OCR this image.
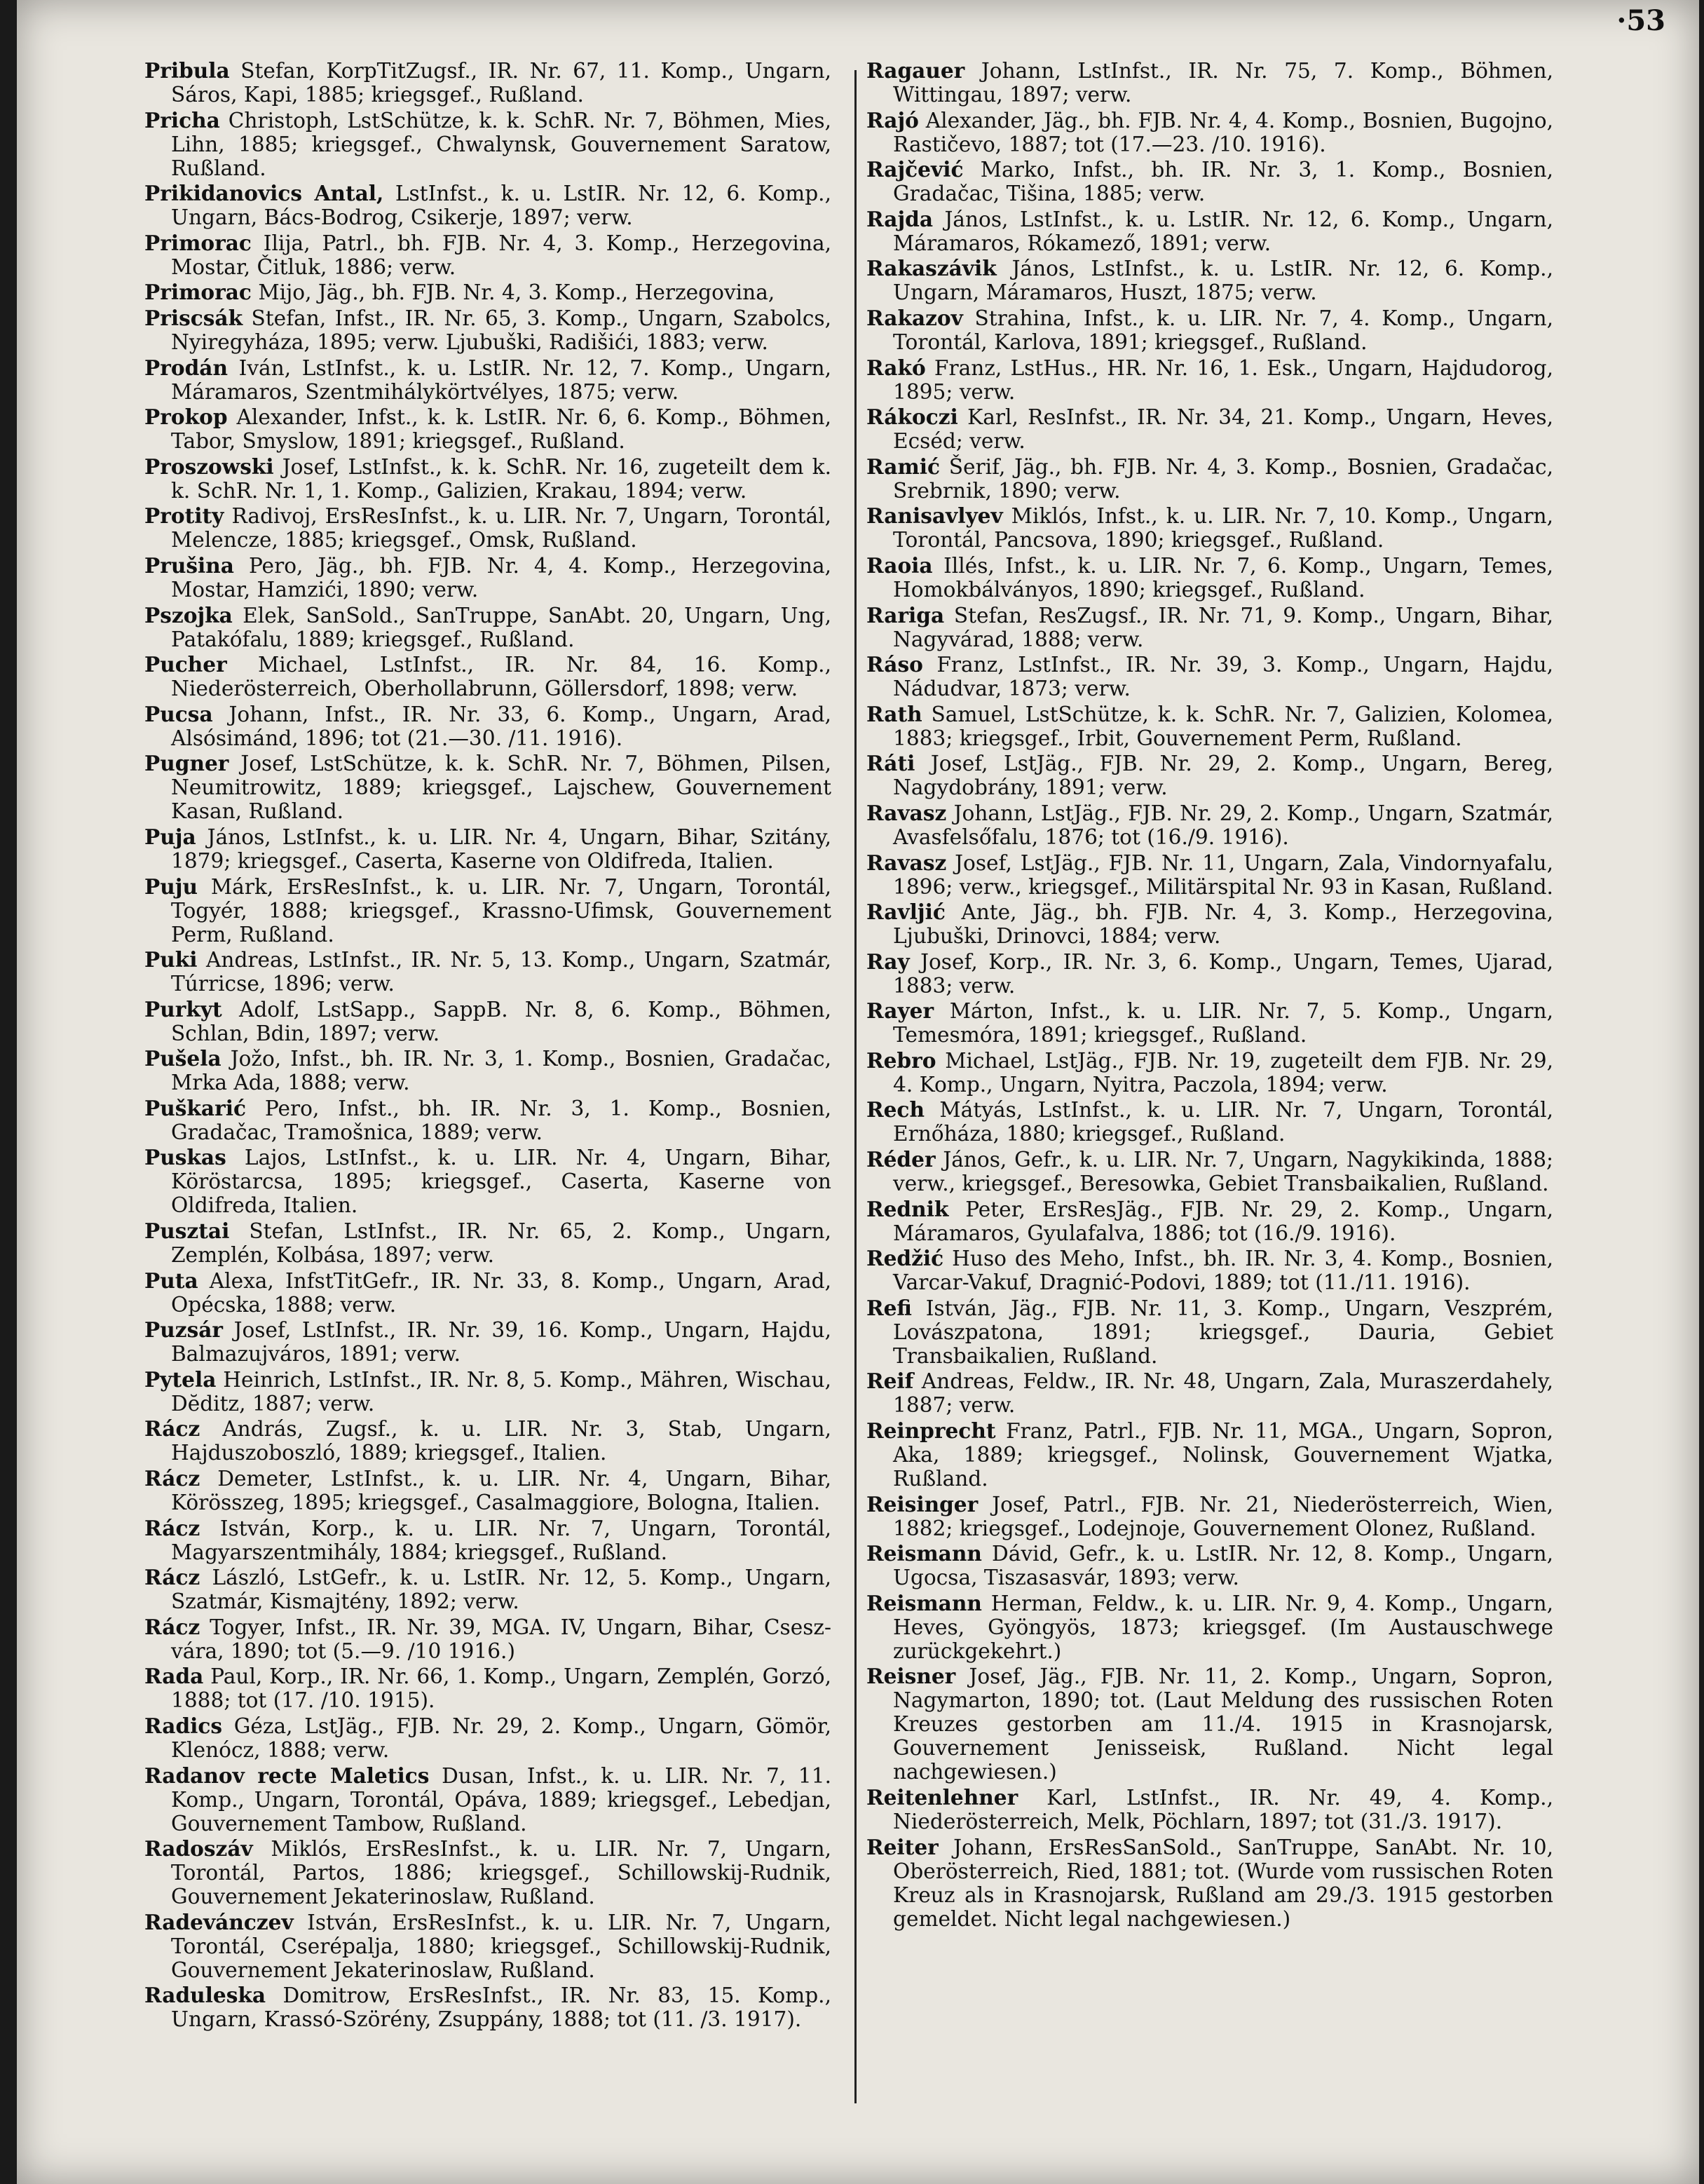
·53

Pribula Stefan, KorpTitZugsf., IR. Nr. 67, 11. Komp., Ungarn, Sáros, Kapi, 1885; kriegsgef., Rußland.

Pricha Christoph, LstSchütze, k. k. SchR. Nr. 7, Böhmen, Mies, Lihn, 1885; kriegsgef., Chwalynsk, Gouvernement Saratow, Rußland.

Prikidanovics Antal, LstInfst., k. u. LstIR. Nr. 12, 6. Komp., Ungarn, Bács-Bodrog, Csikerje, 1897; verw.

Primorac Ilija, Patrl., bh. FJB. Nr. 4, 3. Komp., Herzegovina, Mostar, Čitluk, 1886; verw.

Primorac Mijo, Jäg., bh. FJB. Nr. 4, 3. Komp., Herzegovina,

Priscsák Stefan, Infst., IR. Nr. 65, 3. Komp., Ungarn, Szabolcs, Nyiregyháza, 1895; verw. Ljubuški, Radišići, 1883; verw.

Prodán Iván, LstInfst., k. u. LstIR. Nr. 12, 7. Komp., Ungarn, Máramaros, Szentmihálykörtvélyes, 1875; verw.

Prokop Alexander, Infst., k. k. LstIR. Nr. 6, 6. Komp., Böhmen, Tabor, Smyslow, 1891; kriegsgef., Rußland.

Proszowski Josef, LstInfst., k. k. SchR. Nr. 16, zugeteilt dem k. k. SchR. Nr. 1, 1. Komp., Galizien, Krakau, 1894; verw.

Protity Radivoj, ErsResInfst., k. u. LIR. Nr. 7, Ungarn, Torontál, Melencze, 1885; kriegsgef., Omsk, Rußland.

Prušina Pero, Jäg., bh. FJB. Nr. 4, 4. Komp., Herzegovina, Mostar, Hamzići, 1890; verw.

Pszojka Elek, SanSold., SanTruppe, SanAbt. 20, Ungarn, Ung, Patakófalu, 1889; kriegsgef., Rußland.

Pucher Michael, LstInfst., IR. Nr. 84, 16. Komp., Niederösterreich, Oberhollabrunn, Göllersdorf, 1898; verw.

Pucsa Johann, Infst., IR. Nr. 33, 6. Komp., Ungarn, Arad, Alsósimánd, 1896; tot (21.—30. /11. 1916).

Pugner Josef, LstSchütze, k. k. SchR. Nr. 7, Böhmen, Pilsen, Neumitrowitz, 1889; kriegsgef., Lajschew, Gouvernement Kasan, Rußland.

Puja János, LstInfst., k. u. LIR. Nr. 4, Ungarn, Bihar, Szitány, 1879; kriegsgef., Caserta, Kaserne von Oldifreda, Italien.

Puju Márk, ErsResInfst., k. u. LIR. Nr. 7, Ungarn, Torontál, Togyér, 1888; kriegsgef., Krassno-Ufimsk, Gouvernement Perm, Rußland.

Puki Andreas, LstInfst., IR. Nr. 5, 13. Komp., Ungarn, Szatmár, Túrricse, 1896; verw.

Purkyt Adolf, LstSapp., SappB. Nr. 8, 6. Komp., Böhmen, Schlan, Bdin, 1897; verw.

Pušela Jožo, Infst., bh. IR. Nr. 3, 1. Komp., Bosnien, Gradačac, Mrka Ada, 1888; verw.

Puškarić Pero, Infst., bh. IR. Nr. 3, 1. Komp., Bosnien, Gradačac, Tramošnica, 1889; verw.

Puskas Lajos, LstInfst., k. u. LIR. Nr. 4, Ungarn, Bihar, Köröstarcsa, 1895; kriegsgef., Caserta, Kaserne von Oldifreda, Italien.

Pusztai Stefan, LstInfst., IR. Nr. 65, 2. Komp., Ungarn, Zemplén, Kolbása, 1897; verw.

Puta Alexa, InfstTitGefr., IR. Nr. 33, 8. Komp., Ungarn, Arad, Opécska, 1888; verw.

Puzsár Josef, LstInfst., IR. Nr. 39, 16. Komp., Ungarn, Hajdu, Balmazujváros, 1891; verw.

Pytela Heinrich, LstInfst., IR. Nr. 8, 5. Komp., Mähren, Wischau, Dĕditz, 1887; verw.

Rácz András, Zugsf., k. u. LIR. Nr. 3, Stab, Ungarn, Hajduszoboszló, 1889; kriegsgef., Italien.

Rácz Demeter, LstInfst., k. u. LIR. Nr. 4, Ungarn, Bihar, Körösszeg, 1895; kriegsgef., Casalmaggiore, Bologna, Italien.

Rácz István, Korp., k. u. LIR. Nr. 7, Ungarn, Torontál, Magyarszentmihály, 1884; kriegsgef., Rußland.

Rácz László, LstGefr., k. u. LstIR. Nr. 12, 5. Komp., Ungarn, Szatmár, Kismajtény, 1892; verw.

Rácz Togyer, Infst., IR. Nr. 39, MGA. IV, Ungarn, Bihar, Cseszvára, 1890; tot (5.—9. /10 1916.)

Rada Paul, Korp., IR. Nr. 66, 1. Komp., Ungarn, Zemplén, Gorzó, 1888; tot (17. /10. 1915).

Radics Géza, LstJäg., FJB. Nr. 29, 2. Komp., Ungarn, Gömör, Klenócz, 1888; verw.

Radanov recte Maletics Dusan, Infst., k. u. LIR. Nr. 7, 11. Komp., Ungarn, Torontál, Opáva, 1889; kriegsgef., Lebedjan, Gouvernement Tambow, Rußland.

Radoszáv Miklós, ErsResInfst., k. u. LIR. Nr. 7, Ungarn, Torontál, Partos, 1886; kriegsgef., Schillowskij-Rudnik, Gouvernement Jekaterinoslaw, Rußland.

Radevánczev István, ErsResInfst., k. u. LIR. Nr. 7, Ungarn, Torontál, Cserépalja, 1880; kriegsgef., Schillowskij-Rudnik, Gouvernement Jekaterinoslaw, Rußland.

Raduleska Domitrow, ErsResInfst., IR. Nr. 83, 15. Komp., Ungarn, Krassó-Szörény, Zsuppány, 1888; tot (11. /3. 1917).

Ragauer Johann, LstInfst., IR. Nr. 75, 7. Komp., Böhmen, Wittingau, 1897; verw.

Rajó Alexander, Jäg., bh. FJB. Nr. 4, 4. Komp., Bosnien, Bugojno, Rastičevo, 1887; tot (17.—23. /10. 1916).

Rajčević Marko, Infst., bh. IR. Nr. 3, 1. Komp., Bosnien, Gradačac, Tišina, 1885; verw.

Rajda János, LstInfst., k. u. LstIR. Nr. 12, 6. Komp., Ungarn, Máramaros, Rókamező, 1891; verw.

Rakaszávik János, LstInfst., k. u. LstIR. Nr. 12, 6. Komp., Ungarn, Máramaros, Huszt, 1875; verw.

Rakazov Strahina, Infst., k. u. LIR. Nr. 7, 4. Komp., Ungarn, Torontál, Karlova, 1891; kriegsgef., Rußland.

Rakó Franz, LstHus., HR. Nr. 16, 1. Esk., Ungarn, Hajdudorog, 1895; verw.

Rákoczi Karl, ResInfst., IR. Nr. 34, 21. Komp., Ungarn, Heves, Ecséd; verw.

Ramić Šerif, Jäg., bh. FJB. Nr. 4, 3. Komp., Bosnien, Gradačac, Srebrnik, 1890; verw.

Ranisavlyev Miklós, Infst., k. u. LIR. Nr. 7, 10. Komp., Ungarn, Torontál, Pancsova, 1890; kriegsgef., Rußland.

Raoia Illés, Infst., k. u. LIR. Nr. 7, 6. Komp., Ungarn, Temes, Homokbálványos, 1890; kriegsgef., Rußland.

Rariga Stefan, ResZugsf., IR. Nr. 71, 9. Komp., Ungarn, Bihar, Nagyvárad, 1888; verw.

Ráso Franz, LstInfst., IR. Nr. 39, 3. Komp., Ungarn, Hajdu, Nádudvar, 1873; verw.

Rath Samuel, LstSchütze, k. k. SchR. Nr. 7, Galizien, Kolomea, 1883; kriegsgef., Irbit, Gouvernement Perm, Rußland.

Ráti Josef, LstJäg., FJB. Nr. 29, 2. Komp., Ungarn, Bereg, Nagydobrány, 1891; verw.

Ravasz Johann, LstJäg., FJB. Nr. 29, 2. Komp., Ungarn, Szatmár, Avasfelsőfalu, 1876; tot (16./9. 1916).

Ravasz Josef, LstJäg., FJB. Nr. 11, Ungarn, Zala, Vindornyafalu, 1896; verw., kriegsgef., Militärspital Nr. 93 in Kasan, Rußland.

Ravljić Ante, Jäg., bh. FJB. Nr. 4, 3. Komp., Herzegovina, Ljubuški, Drinovci, 1884; verw.

Ray Josef, Korp., IR. Nr. 3, 6. Komp., Ungarn, Temes, Ujarad, 1883; verw.

Rayer Márton, Infst., k. u. LIR. Nr. 7, 5. Komp., Ungarn, Temesmóra, 1891; kriegsgef., Rußland.

Rebro Michael, LstJäg., FJB. Nr. 19, zugeteilt dem FJB. Nr. 29, 4. Komp., Ungarn, Nyitra, Paczola, 1894; verw.

Rech Mátyás, LstInfst., k. u. LIR. Nr. 7, Ungarn, Torontál, Ernőháza, 1880; kriegsgef., Rußland.

Réder János, Gefr., k. u. LIR. Nr. 7, Ungarn, Nagykikinda, 1888; verw., kriegsgef., Beresowka, Gebiet Transbaikalien, Rußland.

Rednik Peter, ErsResJäg., FJB. Nr. 29, 2. Komp., Ungarn, Máramaros, Gyulafalva, 1886; tot (16./9. 1916).

Redžić Huso des Meho, Infst., bh. IR. Nr. 3, 4. Komp., Bosnien, Varcar-Vakuf, Dragnić-Podovi, 1889; tot (11./11. 1916).

Refi István, Jäg., FJB. Nr. 11, 3. Komp., Ungarn, Veszprém, Lovászpatona, 1891; kriegsgef., Dauria, Gebiet Transbaikalien, Rußland.

Reif Andreas, Feldw., IR. Nr. 48, Ungarn, Zala, Muraszerdahely, 1887; verw.

Reinprecht Franz, Patrl., FJB. Nr. 11, MGA., Ungarn, Sopron, Aka, 1889; kriegsgef., Nolinsk, Gouvernement Wjatka, Rußland.

Reisinger Josef, Patrl., FJB. Nr. 21, Niederösterreich, Wien, 1882; kriegsgef., Lodejnoje, Gouvernement Olonez, Rußland.

Reismann Dávid, Gefr., k. u. LstIR. Nr. 12, 8. Komp., Ungarn, Ugocsa, Tiszasasvár, 1893; verw.

Reismann Herman, Feldw., k. u. LIR. Nr. 9, 4. Komp., Ungarn, Heves, Gyöngyös, 1873; kriegsgef. (Im Austauschwege zurückgekehrt.)

Reisner Josef, Jäg., FJB. Nr. 11, 2. Komp., Ungarn, Sopron, Nagymarton, 1890; tot. (Laut Meldung des russischen Roten Kreuzes gestorben am 11./4. 1915 in Krasnojarsk, Gouvernement Jenisseisk, Rußland. Nicht legal nachgewiesen.)

Reitenlehner Karl, LstInfst., IR. Nr. 49, 4. Komp., Niederösterreich, Melk, Pöchlarn, 1897; tot (31./3. 1917).

Reiter Johann, ErsResSanSold., SanTruppe, SanAbt. Nr. 10, Oberösterreich, Ried, 1881; tot. (Wurde vom russischen Roten Kreuz als in Krasnojarsk, Rußland am 29./3. 1915 gestorben gemeldet. Nicht legal nachgewiesen.)
